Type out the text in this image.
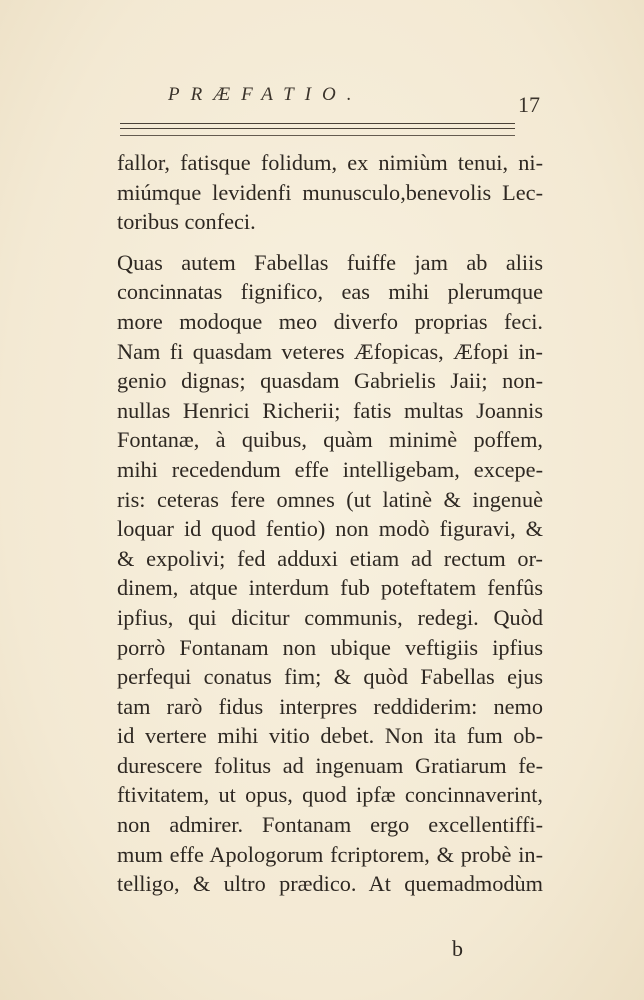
PRÆFATIO.	17
fallor, fatisque folidum, ex nimiùm tenui, ni-
miúmque levidenfi munusculo,benevolis Lec-
toribus confeci.
Quas autem Fabellas fuiffe jam ab aliis
concinnatas fignifico, eas mihi plerumque
more modoque meo diverfo proprias feci.
Nam fi quasdam veteres Æfopicas, Æfopi in-
genio dignas; quasdam Gabrielis Jaii; non-
nullas Henrici Richerii; fatis multas Joannis
Fontanæ, à quibus, quàm minimè poffem,
mihi recedendum effe intelligebam, excepe-
ris: ceteras fere omnes (ut latinè & ingenuè
loquar id quod fentio) non modò figuravi, &
& expolivi; fed adduxi etiam ad rectum or-
dinem, atque interdum fub poteftatem fenfûs
ipfius, qui dicitur communis, redegi. Quòd
porrò Fontanam non ubique veftigiis ipfius
perfequi conatus fim; & quòd Fabellas ejus
tam rarò fidus interpres reddiderim: nemo
id vertere mihi vitio debet. Non ita fum ob-
durescere folitus ad ingenuam Gratiarum fe-
ftivitatem, ut opus, quod ipfæ concinnaverint,
non admirer. Fontanam ergo excellentiffi-
mum effe Apologorum fcriptorem, & probè in-
telligo, & ultro prædico. At quemadmodùm
b
